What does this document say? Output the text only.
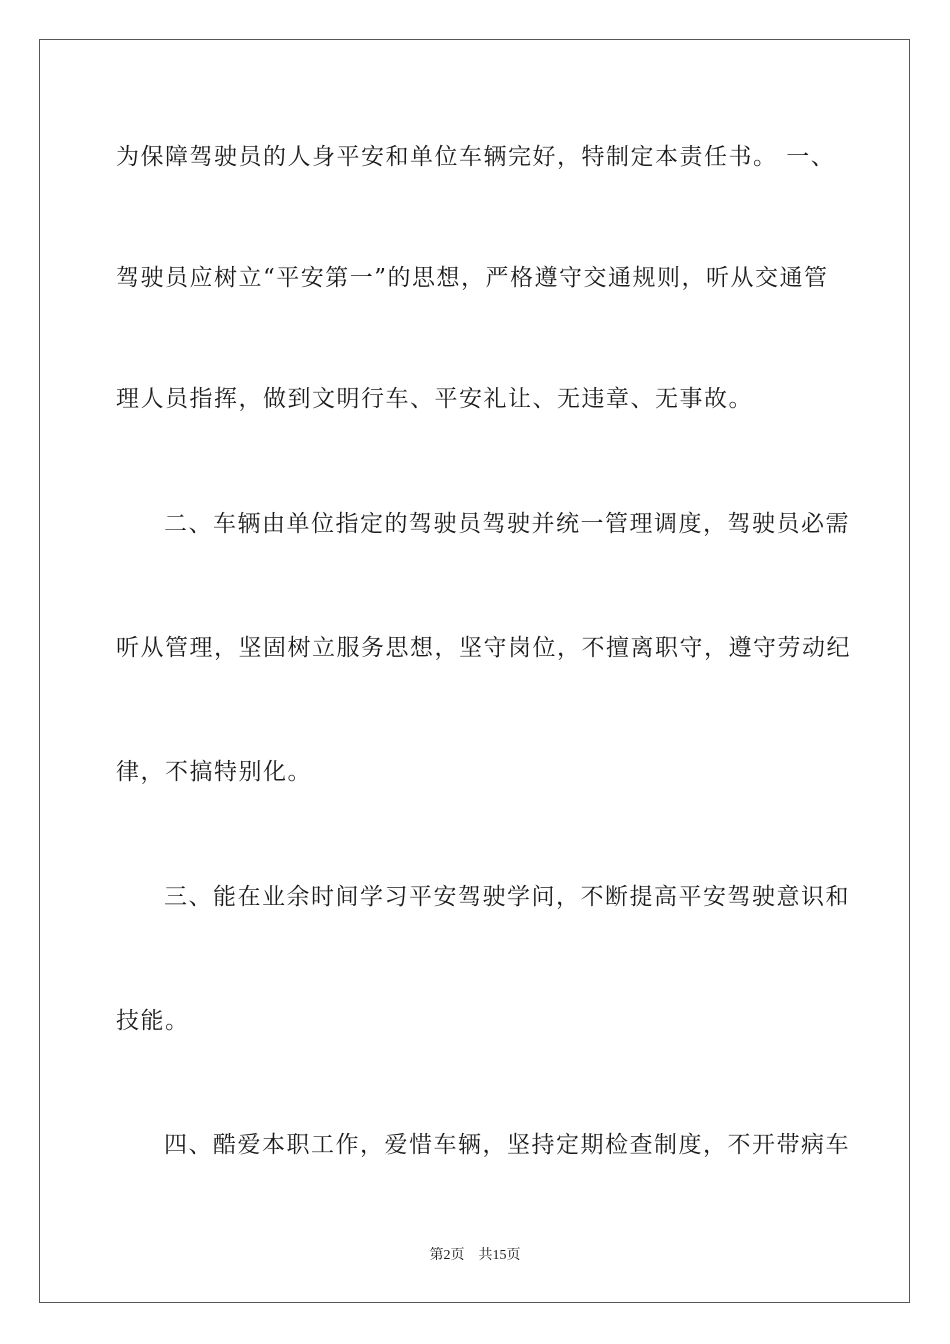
为保障驾驶员的人身平安和单位车辆完好，特制定本责任书。 一、
驾驶员应树立“平安第一”的思想，严格遵守交通规则，听从交通管
理人员指挥，做到文明行车、平安礼让、无违章、无事故。
二、车辆由单位指定的驾驶员驾驶并统一管理调度，驾驶员必需
听从管理，坚固树立服务思想，坚守岗位，不擅离职守，遵守劳动纪
律，不搞特别化。
三、能在业余时间学习平安驾驶学问，不断提高平安驾驶意识和
技能。
四、酷爱本职工作，爱惜车辆，坚持定期检查制度，不开带病车
第2页 共15页
